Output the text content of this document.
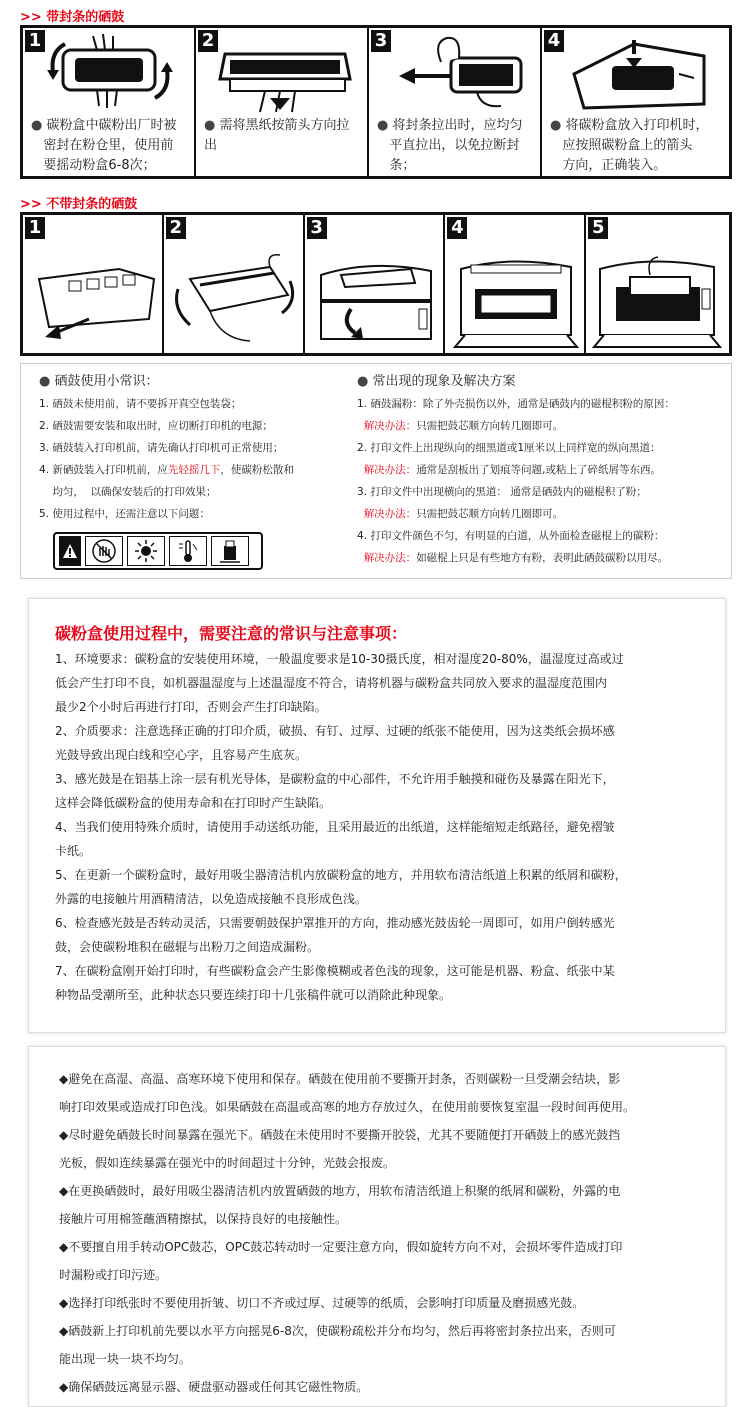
>> 带封条的硒鼓
1
● 碳粉盒中碳粉出厂时被
密封在粉仓里，使用前
要摇动粉盒6-8次；
2
● 需将黑纸按箭头方向拉出
3
● 将封条拉出时，应均匀
平直拉出，以免拉断封
条；
4
● 将碳粉盒放入打印机时，
应按照碳粉盒上的箭头
方向，正确装入。
>> 不带封条的硒鼓
1	2	3	4	5
● 硒鼓使用小常识：
1. 硒鼓未使用前，请不要拆开真空包装袋；
2. 硒鼓需要安装和取出时，应切断打印机的电源；
3. 硒鼓装入打印机前，请先确认打印机可正常使用；
4. 新硒鼓装入打印机前，应先轻摇几下，使碳粉松散和
均匀，  以确保安装后的打印效果；
5. 使用过程中，还需注意以下问题：
● 常出现的现象及解决方案
1. 硒鼓漏粉：除了外壳损伤以外，通常是硒鼓内的磁棍积粉的原因：
解决办法：只需把鼓芯顺方向转几圈即可。
2. 打印文件上出现纵向的细黑道或1厘米以上同样宽的纵向黑道：
解决办法：通常是刮板出了划痕等问题,或粘上了碎纸屑等东西。
3. 打印文件中出现横向的黑道： 通常是硒鼓内的磁棍积了粉；
解决办法：只需把鼓芯顺方向转几圈即可。
4. 打印文件颜色不匀，有明显的白道，从外面检查磁棍上的碳粉：
解决办法：如磁棍上只是有些地方有粉，表明此硒鼓碳粉以用尽。
碳粉盒使用过程中，需要注意的常识与注意事项：
1、环境要求：碳粉盒的安装使用环境，一般温度要求是10-30摄氏度，相对湿度20-80%，温湿度过高或过
低会产生打印不良，如机器温湿度与上述温湿度不符合，请将机器与碳粉盒共同放入要求的温湿度范围内
最少2个小时后再进行打印，否则会产生打印缺陷。
2、介质要求：注意选择正确的打印介质，破损、有钉、过厚、过硬的纸张不能使用，因为这类纸会损坏感
光鼓导致出现白线和空心字，且容易产生底灰。
3、感光鼓是在铝基上涂一层有机光导体，是碳粉盒的中心部件，不允许用手触摸和碰伤及暴露在阳光下，
这样会降低碳粉盒的使用寿命和在打印时产生缺陷。
4、当我们使用特殊介质时，请使用手动送纸功能，且采用最近的出纸道，这样能缩短走纸路径，避免褶皱
卡纸。
5、在更新一个碳粉盒时，最好用吸尘器清洁机内放碳粉盒的地方，并用软布清洁纸道上积累的纸屑和碳粉，
外露的电接触片用酒精清洁，以免造成接触不良形成色浅。
6、检查感光鼓是否转动灵活，只需要朝鼓保护罩推开的方向，推动感光鼓齿轮一周即可，如用户倒转感光
鼓，会使碳粉堆积在磁辊与出粉刀之间造成漏粉。
7、在碳粉盒刚开始打印时，有些碳粉盒会产生影像模糊或者色浅的现象，这可能是机器、粉盒、纸张中某
种物品受潮所至，此种状态只要连续打印十几张稿件就可以消除此种现象。
◆避免在高湿、高温、高寒环境下使用和保存。硒鼓在使用前不要撕开封条，否则碳粉一旦受潮会结块，影
响打印效果或造成打印色浅。如果硒鼓在高温或高寒的地方存放过久，在使用前要恢复室温一段时间再使用。
◆尽时避免硒鼓长时间暴露在强光下。硒鼓在未使用时不要撕开胶袋，尤其不要随便打开硒鼓上的感光鼓挡
光板，假如连续暴露在强光中的时间超过十分钟，光鼓会报废。
◆在更换硒鼓时，最好用吸尘器清洁机内放置硒鼓的地方，用软布清洁纸道上积聚的纸屑和碳粉，外露的电
接触片可用棉签蘸酒精擦拭，以保持良好的电接触性。
◆不要擅自用手转动OPC鼓芯，OPC鼓芯转动时一定要注意方向，假如旋转方向不对，会损坏零件造成打印
时漏粉或打印污迹。
◆选择打印纸张时不要使用折皱、切口不齐或过厚、过硬等的纸质，会影响打印质量及磨损感光鼓。
◆硒鼓新上打印机前先要以水平方向摇晃6-8次，使碳粉疏松并分布均匀，然后再将密封条拉出来，否则可
能出现一块一块不均匀。
◆确保硒鼓远离显示器、硬盘驱动器或任何其它磁性物质。
